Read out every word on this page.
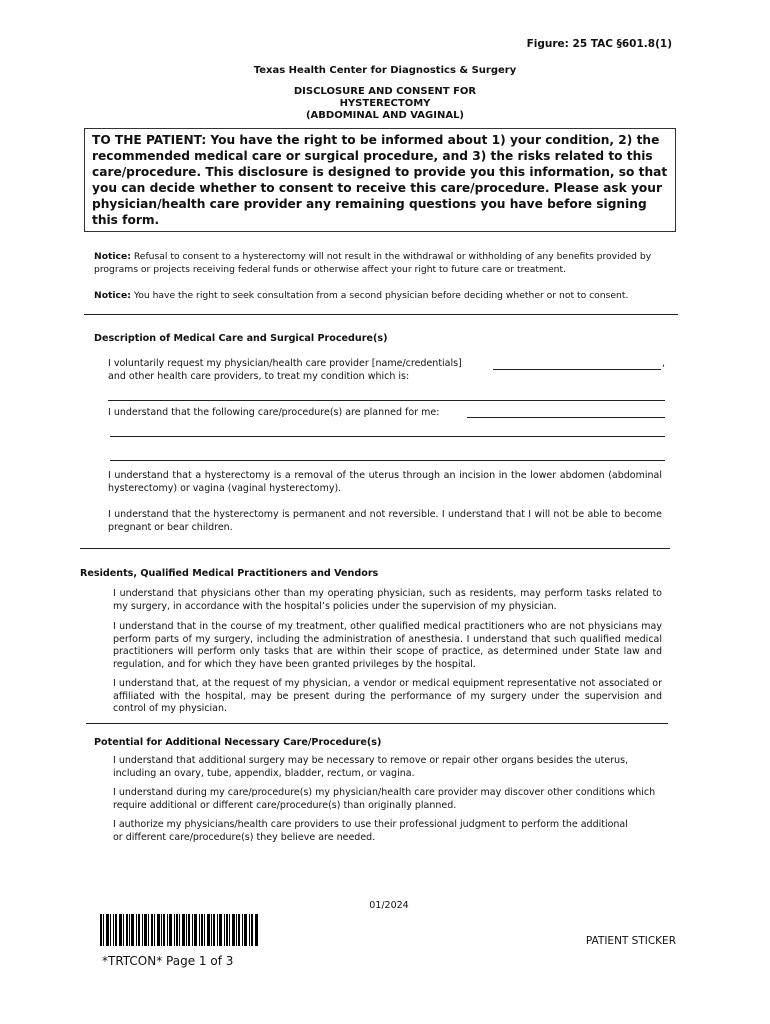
Figure: 25 TAC §601.8(1)
Texas Health Center for Diagnostics & Surgery
DISCLOSURE AND CONSENT FOR
HYSTERECTOMY
(ABDOMINAL AND VAGINAL)
TO THE PATIENT: You have the right to be informed about 1) your condition, 2) the recommended medical care or surgical procedure, and 3) the risks related to this care/procedure. This disclosure is designed to provide you this information, so that you can decide whether to consent to receive this care/procedure. Please ask your physician/health care provider any remaining questions you have before signing this form.
Notice: Refusal to consent to a hysterectomy will not result in the withdrawal or withholding of any benefits provided by programs or projects receiving federal funds or otherwise affect your right to future care or treatment.
Notice: You have the right to seek consultation from a second physician before deciding whether or not to consent.
Description of Medical Care and Surgical Procedure(s)
I voluntarily request my physician/health care provider [name/credentials]	,
and other health care providers, to treat my condition which is:
I understand that the following care/procedure(s) are planned for me:
I understand that a hysterectomy is a removal of the uterus through an incision in the lower abdomen (abdominal hysterectomy) or vagina (vaginal hysterectomy).
I understand that the hysterectomy is permanent and not reversible. I understand that I will not be able to become pregnant or bear children.
Residents, Qualified Medical Practitioners and Vendors
I understand that physicians other than my operating physician, such as residents, may perform tasks related to my surgery, in accordance with the hospital’s policies under the supervision of my physician.
I understand that in the course of my treatment, other qualified medical practitioners who are not physicians may perform parts of my surgery, including the administration of anesthesia. I understand that such qualified medical practitioners will perform only tasks that are within their scope of practice, as determined under State law and regulation, and for which they have been granted privileges by the hospital.
I understand that, at the request of my physician, a vendor or medical equipment representative not associated or affiliated with the hospital, may be present during the performance of my surgery under the supervision and control of my physician.
Potential for Additional Necessary Care/Procedure(s)
I understand that additional surgery may be necessary to remove or repair other organs besides the uterus, including an ovary, tube, appendix, bladder, rectum, or vagina.
I understand during my care/procedure(s) my physician/health care provider may discover other conditions which require additional or different care/procedure(s) than originally planned.
I authorize my physicians/health care providers to use their professional judgment to perform the additional or different care/procedure(s) they believe are needed.
01/2024
*TRTCON* Page 1 of 3
PATIENT STICKER
